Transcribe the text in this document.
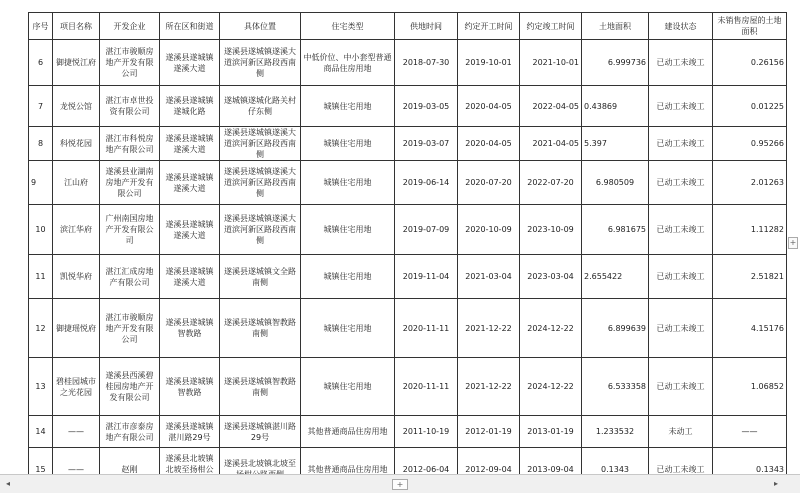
序号	项目名称	开发企业	所在区和街道	具体位置	住宅类型	供地时间	约定开工时间	约定竣工时间	土地面积	建设状态	未销售房屋的土地面积
6	御捷悦江府	湛江市骏顺房地产开发有限公司	遂溪县遂城镇遂溪大道	遂溪县遂城镇遂溪大道滨河新区路段西南侧	中低价位、中小套型普通商品住房用地	2018-07-30	2019-10-01	2021-10-01	6.999736	已动工未竣工	0.26156
7	龙悦公馆	湛江市卓世投资有限公司	遂溪县遂城镇遂城化路	遂城镇遂城化路关村仔东侧	城镇住宅用地	2019-03-05	2020-04-05	2022-04-05	0.43869	已动工未竣工	0.01225
8	科悦花园	湛江市科悦房地产有限公司	遂溪县遂城镇遂溪大道	遂溪县遂城镇遂溪大道滨河新区路段西南侧	城镇住宅用地	2019-03-07	2020-04-05	2021-04-05	5.397	已动工未竣工	0.95266
9	江山府	遂溪县业湖南房地产开发有限公司	遂溪县遂城镇遂溪大道	遂溪县遂城镇遂溪大道滨河新区路段西南侧	城镇住宅用地	2019-06-14	2020-07-20	2022-07-20	6.980509	已动工未竣工	2.01263
10	滨江华府	广州南国房地产开发有限公司	遂溪县遂城镇遂溪大道	遂溪县遂城镇遂溪大道滨河新区路段西南侧	城镇住宅用地	2019-07-09	2020-10-09	2023-10-09	6.981675	已动工未竣工	1.11282
11	凯悦华府	湛江汇成房地产有限公司	遂溪县遂城镇遂溪大道	遂溪县遂城镇文全路南侧	城镇住宅用地	2019-11-04	2021-03-04	2023-03-04	2.655422	已动工未竣工	2.51821
12	御捷瑶悦府	湛江市骏顺房地产开发有限公司	遂溪县遂城镇智教路	遂溪县遂城镇智教路南侧	城镇住宅用地	2020-11-11	2021-12-22	2024-12-22	6.899639	已动工未竣工	4.15176
13	碧桂园城市之光花园	遂溪县西溪碧桂园房地产开发有限公司	遂溪县遂城镇智教路	遂溪县遂城镇智教路南侧	城镇住宅用地	2020-11-11	2021-12-22	2024-12-22	6.533358	已动工未竣工	1.06852
14	——	湛江市彦泰房地产有限公司	遂溪县遂城镇湛川路29号	遂溪县遂城镇湛川路29号	其他普通商品住房用地	2011-10-19	2012-01-19	2013-01-19	1.233532	未动工	——
15	——	赵刚	遂溪县北坡镇北坡至扬柑公	遂溪县北坡镇北坡至	其他普通商品住房用地	2012-06-04	2012-09-04	2013-09-04	0.1343	已动工未竣工	0.1343
+
◂	+	▸
